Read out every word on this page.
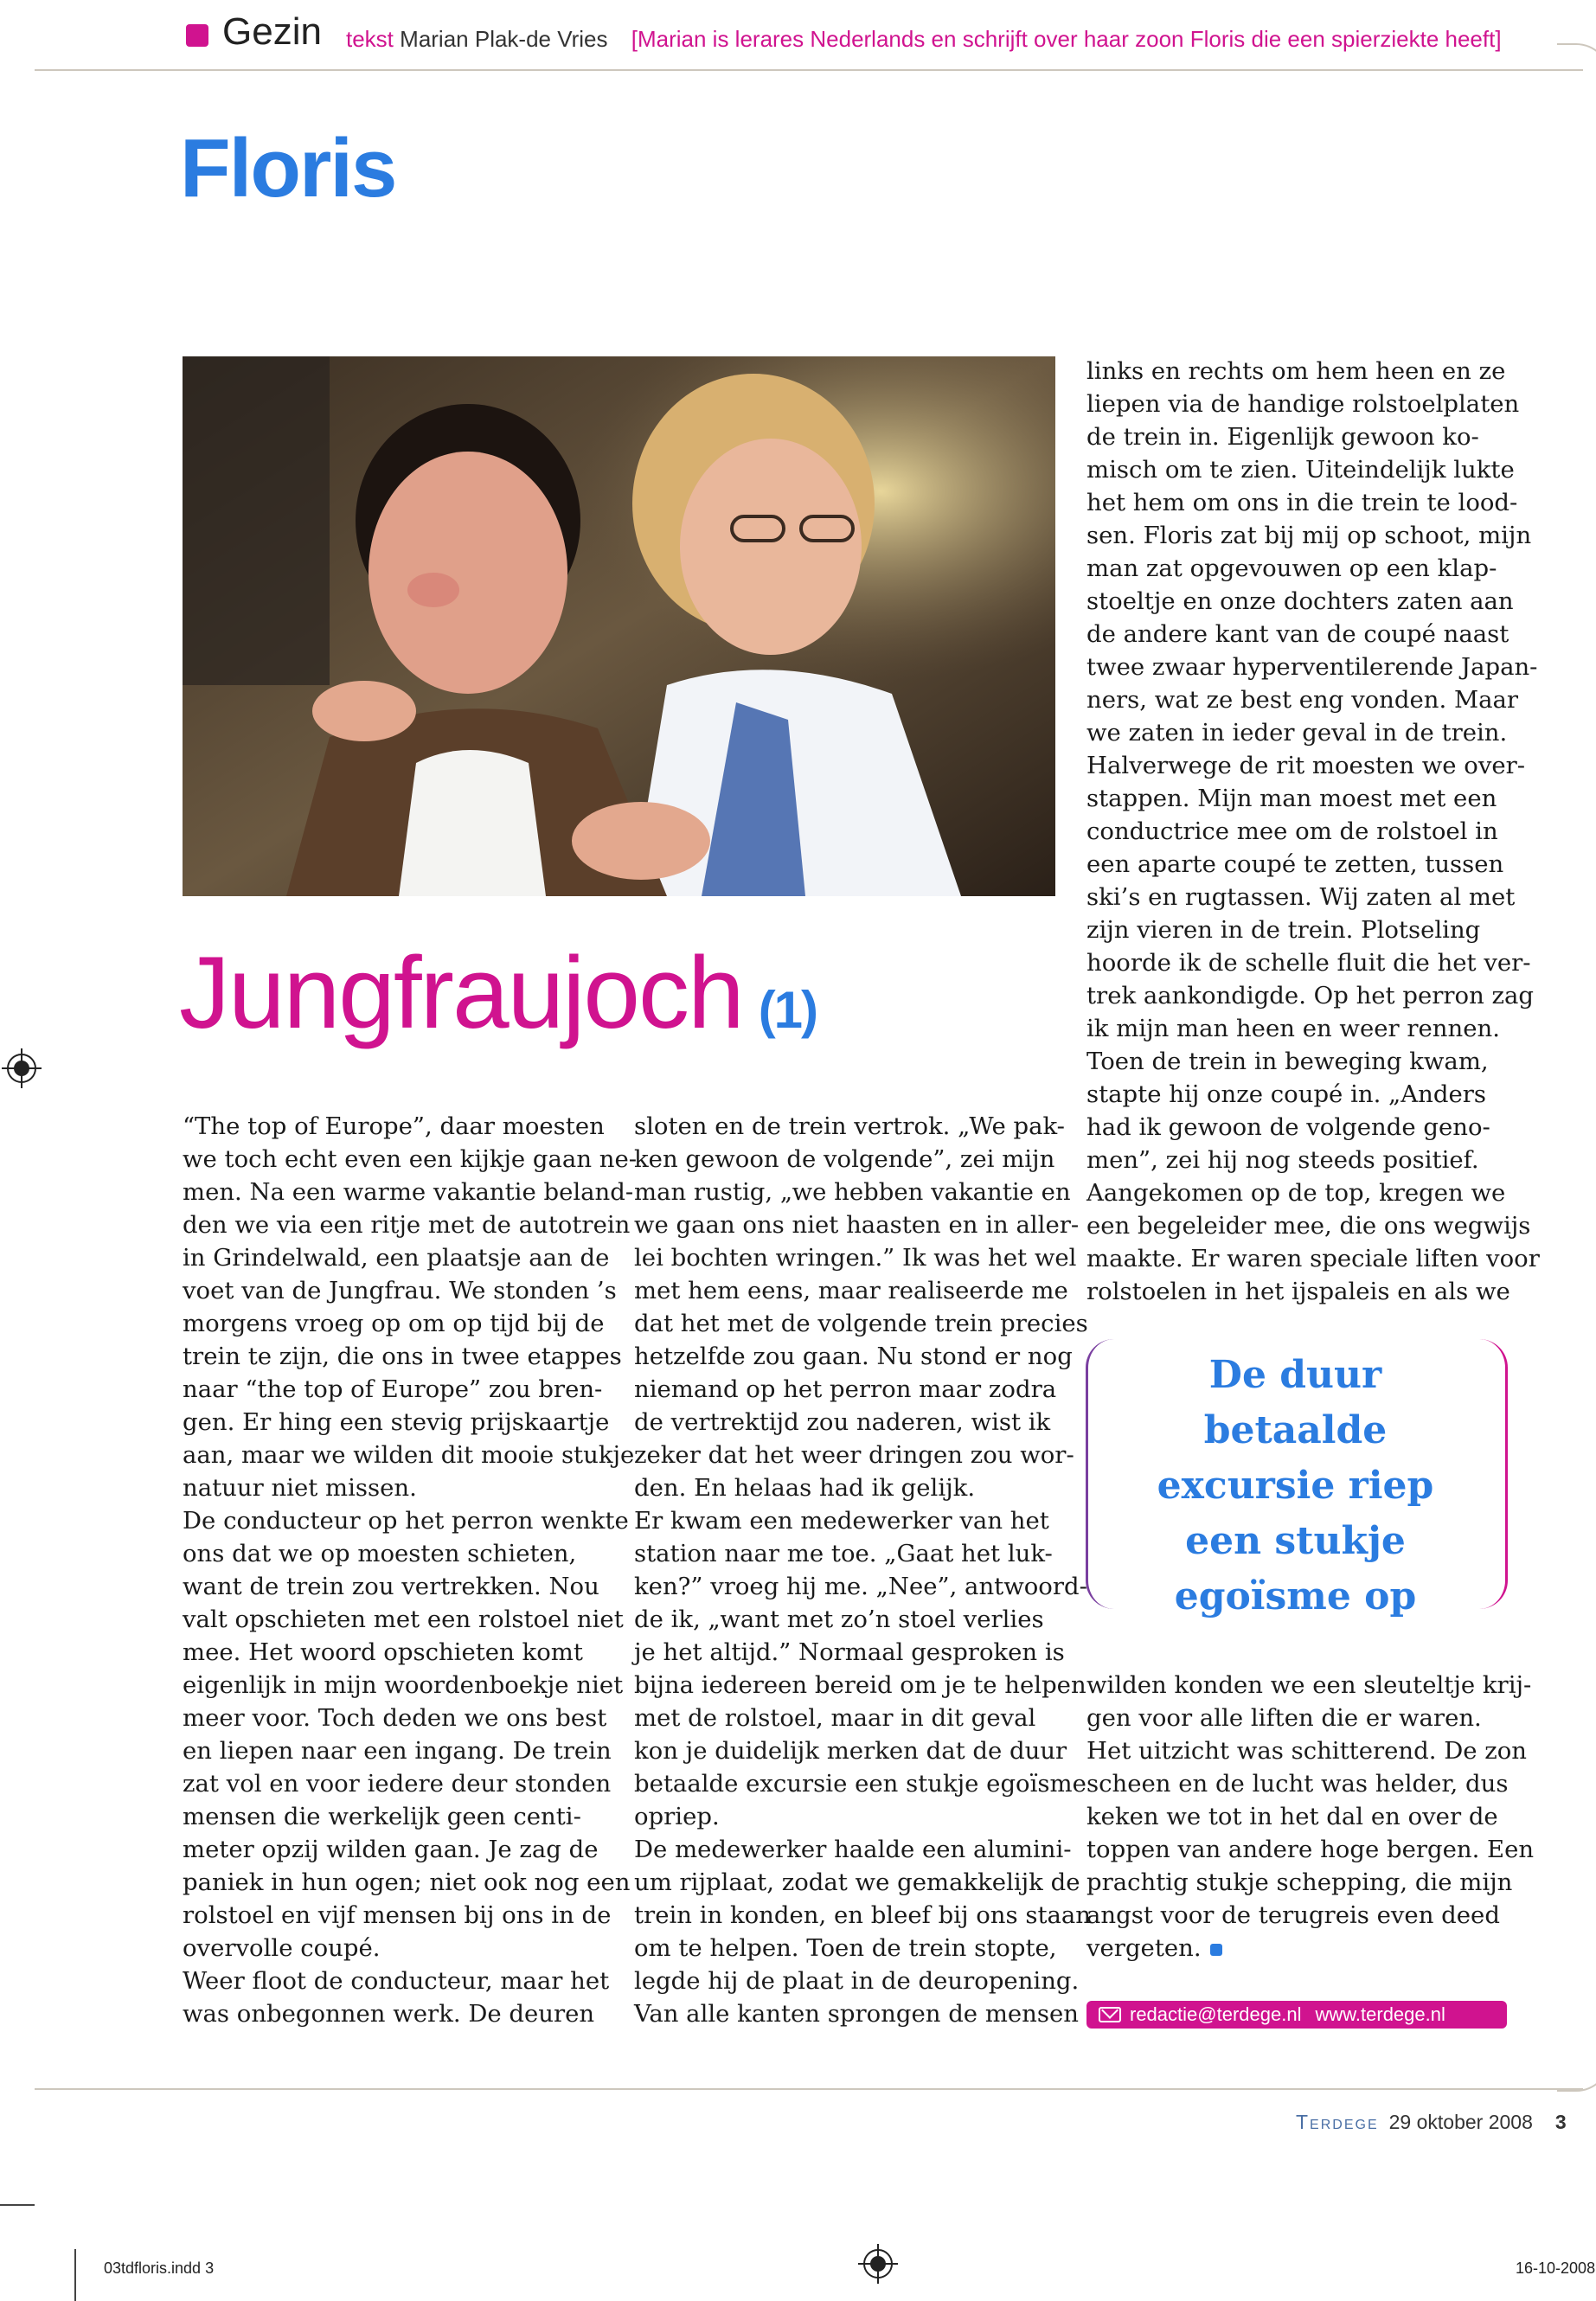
Gezin tekst Marian Plak-de Vries [Marian is lerares Nederlands en schrijft over haar zoon Floris die een spierziekte heeft]
Floris
Jungfraujoch (1)
“The top of Europe”, daar moesten
we toch echt even een kijkje gaan ne-
men. Na een warme vakantie beland-
den we via een ritje met de autotrein
in Grindelwald, een plaatsje aan de
voet van de Jungfrau. We stonden ’s
morgens vroeg op om op tijd bij de
trein te zijn, die ons in twee etappes
naar “the top of Europe” zou bren-
gen. Er hing een stevig prijskaartje
aan, maar we wilden dit mooie stukje
natuur niet missen.
De conducteur op het perron wenkte
ons dat we op moesten schieten,
want de trein zou vertrekken. Nou
valt opschieten met een rolstoel niet
mee. Het woord opschieten komt
eigenlijk in mijn woordenboekje niet
meer voor. Toch deden we ons best
en liepen naar een ingang. De trein
zat vol en voor iedere deur stonden
mensen die werkelijk geen centi-
meter opzij wilden gaan. Je zag de
paniek in hun ogen; niet ook nog een
rolstoel en vijf mensen bij ons in de
overvolle coupé.
Weer floot de conducteur, maar het
was onbegonnen werk. De deuren
sloten en de trein vertrok. „We pak-
ken gewoon de volgende”, zei mijn
man rustig, „we hebben vakantie en
we gaan ons niet haasten en in aller-
lei bochten wringen.” Ik was het wel
met hem eens, maar realiseerde me
dat het met de volgende trein precies
hetzelfde zou gaan. Nu stond er nog
niemand op het perron maar zodra
de vertrektijd zou naderen, wist ik
zeker dat het weer dringen zou wor-
den. En helaas had ik gelijk.
Er kwam een medewerker van het
station naar me toe. „Gaat het luk-
ken?” vroeg hij me. „Nee”, antwoord-
de ik, „want met zo’n stoel verlies
je het altijd.” Normaal gesproken is
bijna iedereen bereid om je te helpen
met de rolstoel, maar in dit geval
kon je duidelijk merken dat de duur
betaalde excursie een stukje egoïsme
opriep.
De medewerker haalde een alumini-
um rijplaat, zodat we gemakkelijk de
trein in konden, en bleef bij ons staan
om te helpen. Toen de trein stopte,
legde hij de plaat in de deuropening.
Van alle kanten sprongen de mensen
links en rechts om hem heen en ze
liepen via de handige rolstoelplaten
de trein in. Eigenlijk gewoon ko-
misch om te zien. Uiteindelijk lukte
het hem om ons in die trein te lood-
sen. Floris zat bij mij op schoot, mijn
man zat opgevouwen op een klap-
stoeltje en onze dochters zaten aan
de andere kant van de coupé naast
twee zwaar hyperventilerende Japan-
ners, wat ze best eng vonden. Maar
we zaten in ieder geval in de trein.
Halverwege de rit moesten we over-
stappen. Mijn man moest met een
conductrice mee om de rolstoel in
een aparte coupé te zetten, tussen
ski’s en rugtassen. Wij zaten al met
zijn vieren in de trein. Plotseling
hoorde ik de schelle fluit die het ver-
trek aankondigde. Op het perron zag
ik mijn man heen en weer rennen.
Toen de trein in beweging kwam,
stapte hij onze coupé in. „Anders
had ik gewoon de volgende geno-
men”, zei hij nog steeds positief.
Aangekomen op de top, kregen we
een begeleider mee, die ons wegwijs
maakte. Er waren speciale liften voor
rolstoelen in het ijspaleis en als we
wilden konden we een sleuteltje krij-
gen voor alle liften die er waren.
Het uitzicht was schitterend. De zon
scheen en de lucht was helder, dus
keken we tot in het dal en over de
toppen van andere hoge bergen. Een
prachtig stukje schepping, die mijn
angst voor de terugreis even deed
vergeten.
De duur
betaalde
excursie riep
een stukje
egoïsme op
redactie@terdege.nl www.terdege.nl
Terdege 29 oktober 2008 3
03tdfloris.indd 3	16-10-2008
